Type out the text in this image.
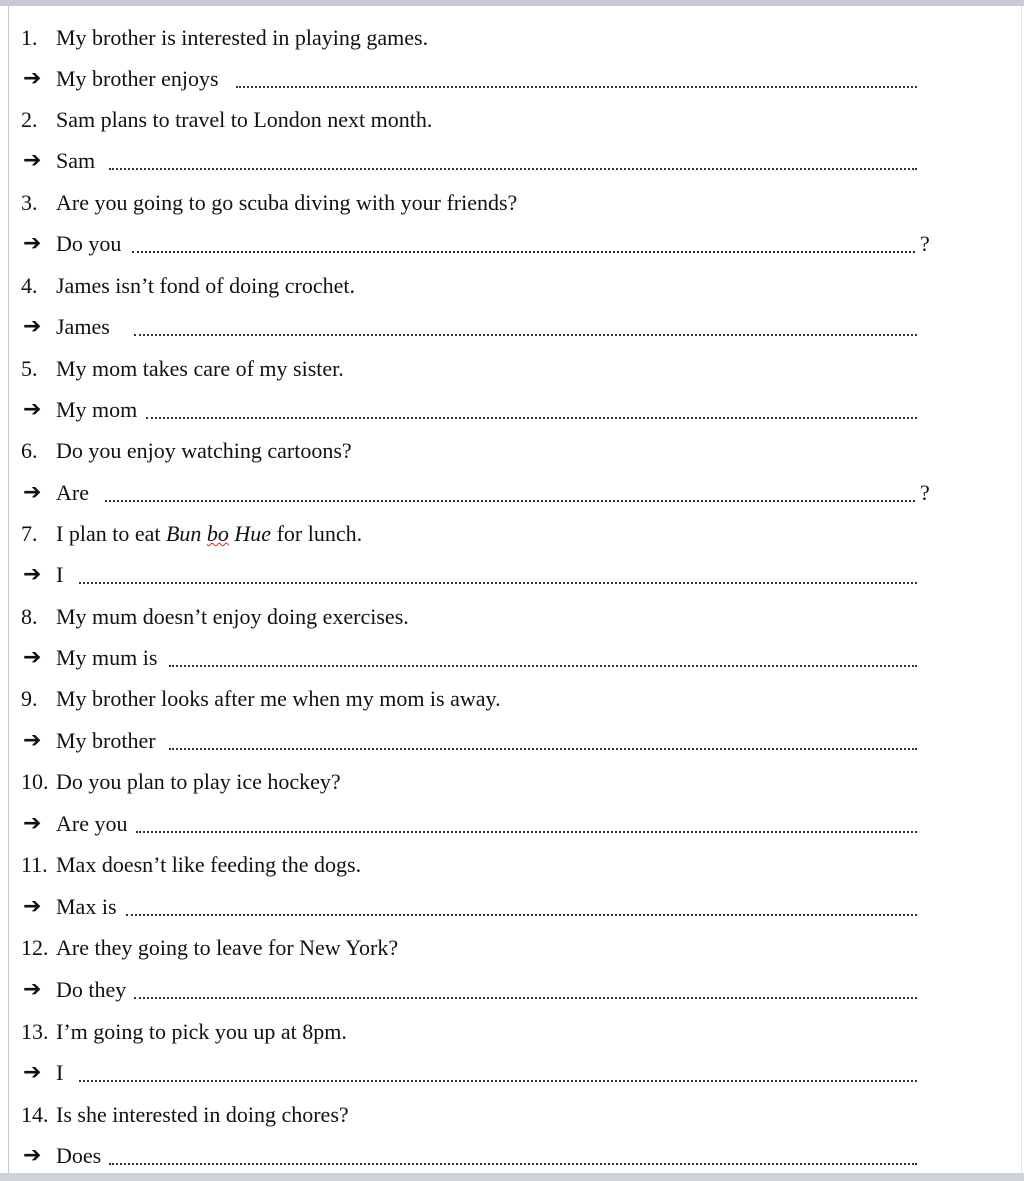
1. My brother is interested in playing games.
➔ My brother enjoys
2. Sam plans to travel to London next month.
➔ Sam
3. Are you going to go scuba diving with your friends?
➔ Do you	?
4. James isn’t fond of doing crochet.
➔ James
5. My mom takes care of my sister.
➔ My mom
6. Do you enjoy watching cartoons?
➔ Are	?
7. I plan to eat Bun bo Hue for lunch.
➔ I
8. My mum doesn’t enjoy doing exercises.
➔ My mum is
9. My brother looks after me when my mom is away.
➔ My brother
10. Do you plan to play ice hockey?
➔ Are you
11. Max doesn’t like feeding the dogs.
➔ Max is
12. Are they going to leave for New York?
➔ Do they
13. I’m going to pick you up at 8pm.
➔ I
14. Is she interested in doing chores?
➔ Does
